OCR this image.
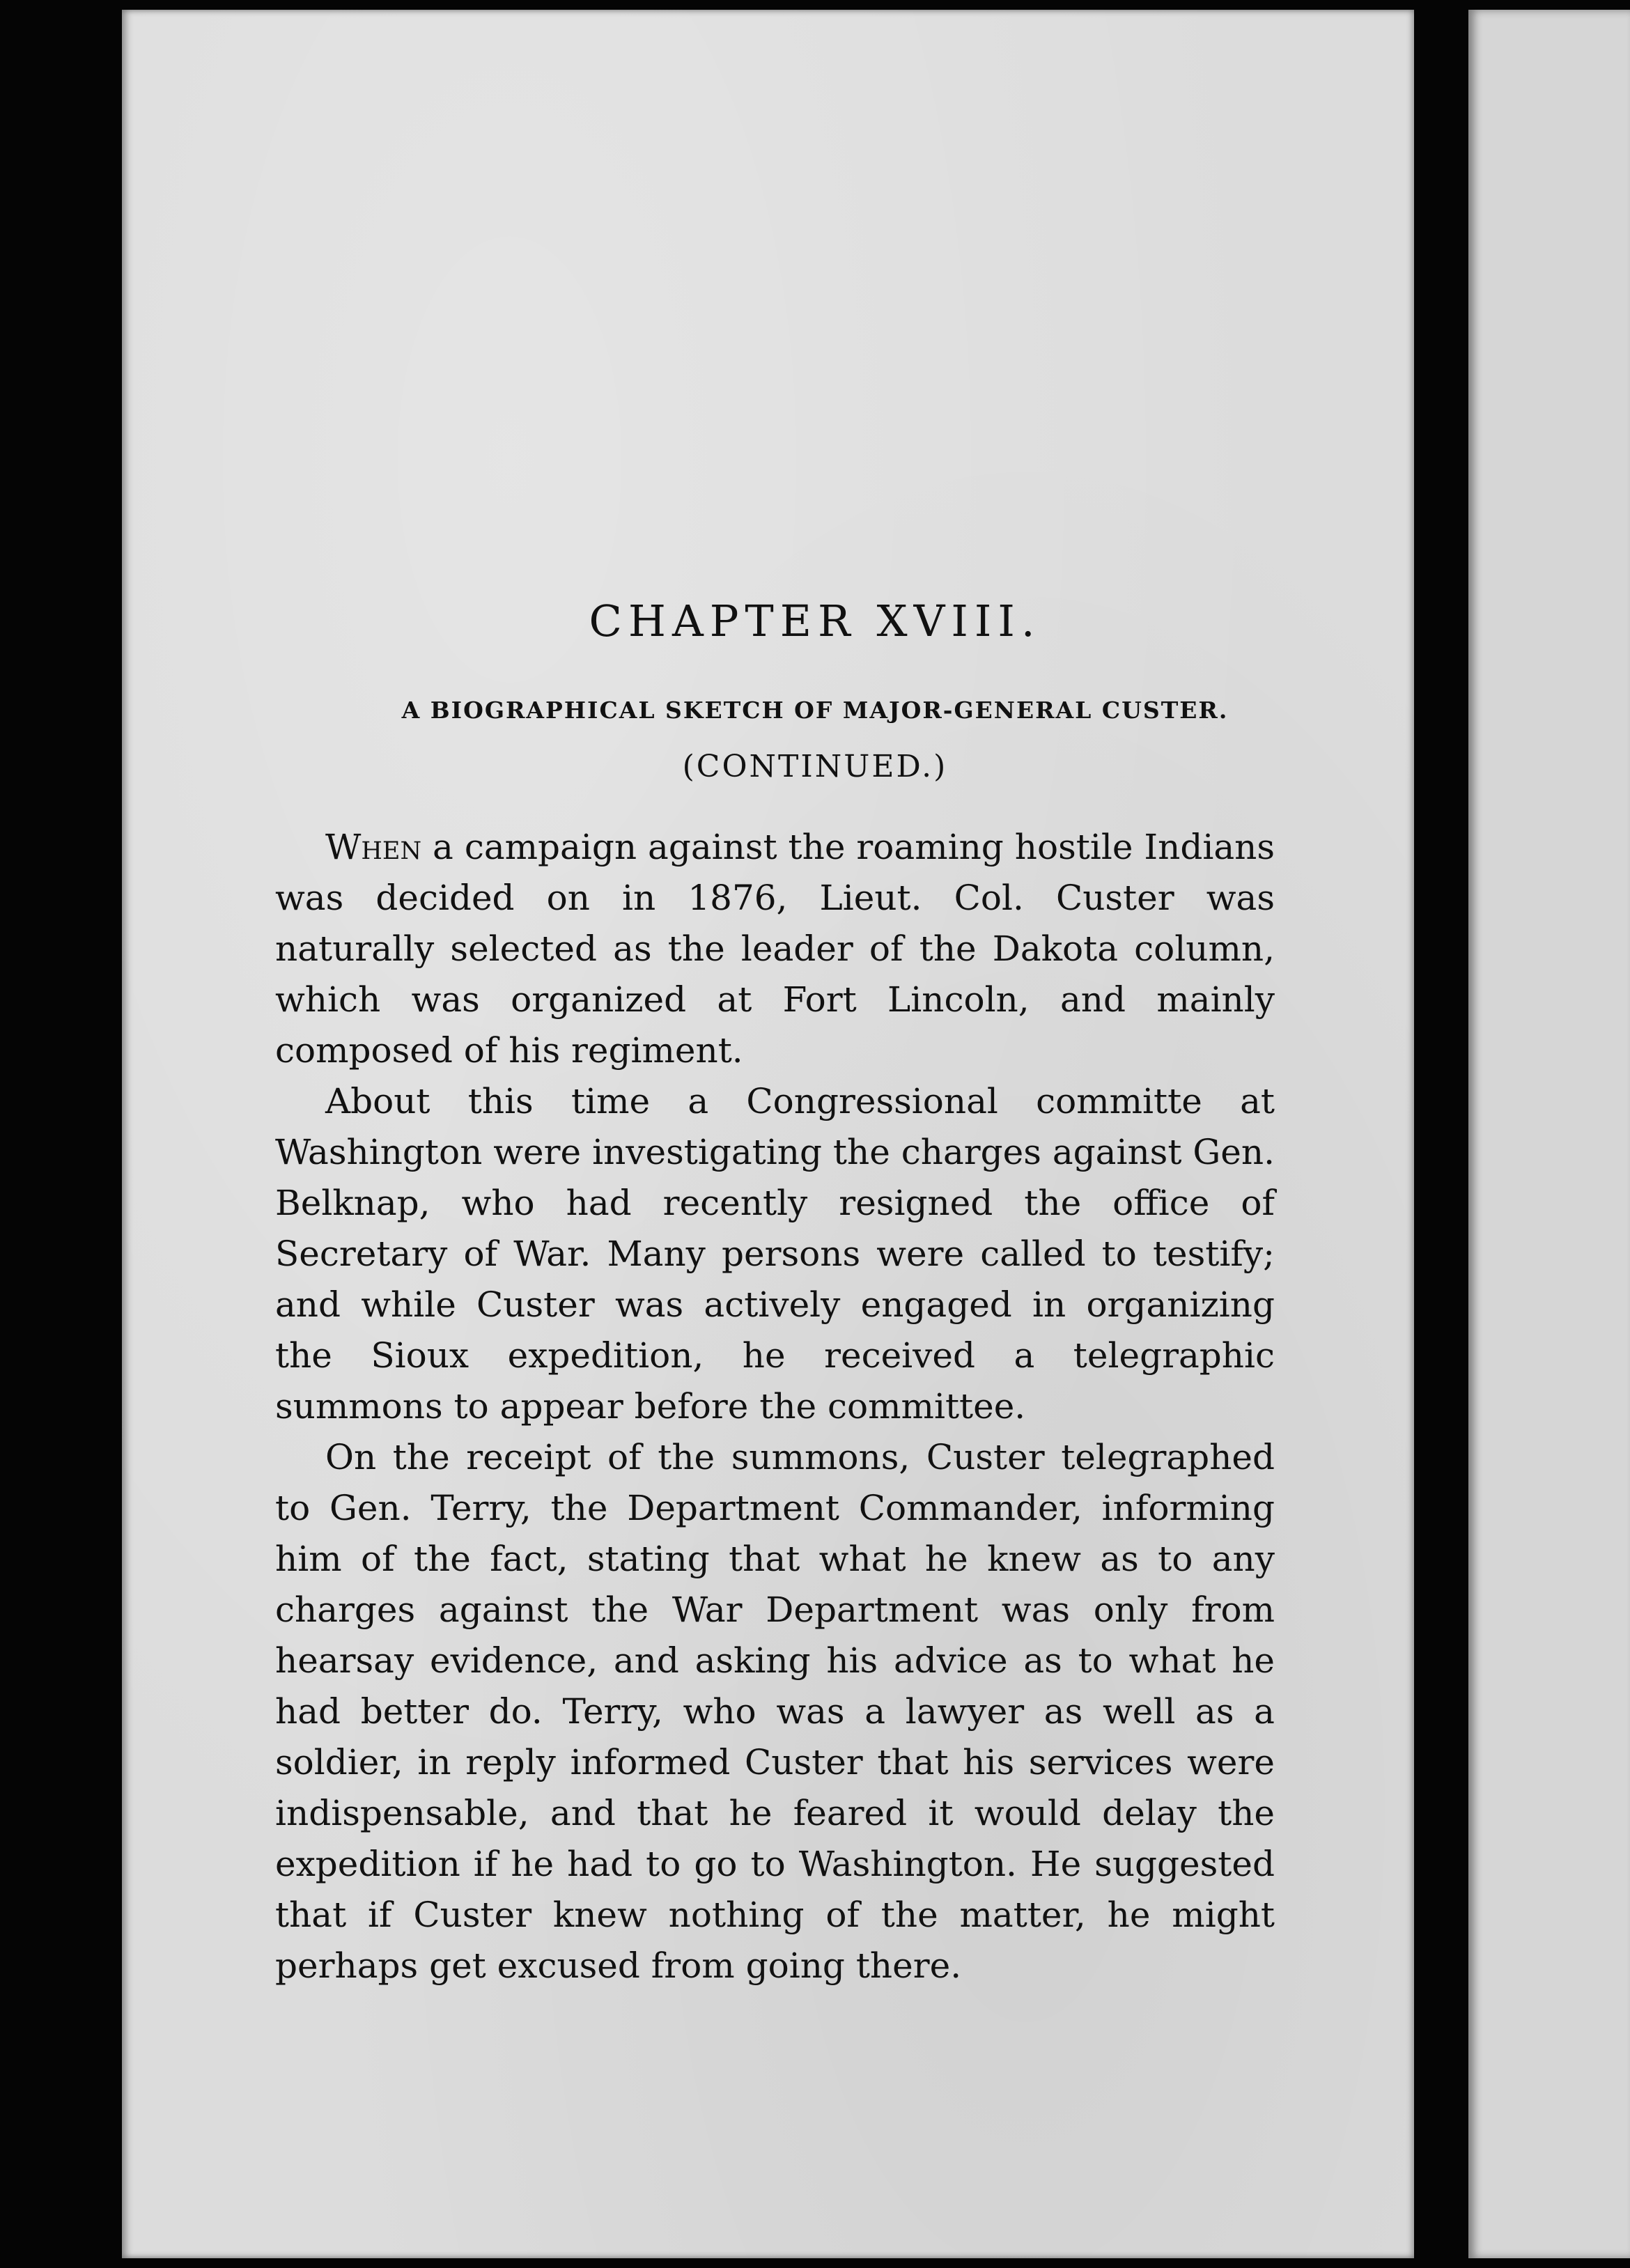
CHAPTER XVIII.
A BIOGRAPHICAL SKETCH OF MAJOR-GENERAL CUSTER.
(CONTINUED.)

When a campaign against the roaming hostile Indians was decided on in 1876, Lieut. Col. Custer was naturally selected as the leader of the Dakota column, which was organized at Fort Lincoln, and mainly composed of his regiment.

About this time a Congressional committe at Washington were investigating the charges against Gen. Belknap, who had recently resigned the office of Secretary of War. Many persons were called to testify; and while Custer was actively engaged in organizing the Sioux expedition, he received a telegraphic summons to appear before the committee.

On the receipt of the summons, Custer telegraphed to Gen. Terry, the Department Commander, informing him of the fact, stating that what he knew as to any charges against the War Department was only from hearsay evidence, and asking his advice as to what he had better do. Terry, who was a lawyer as well as a soldier, in reply informed Custer that his services were indispensable, and that he feared it would delay the expedition if he had to go to Washington. He suggested that if Custer knew nothing of the matter, he might perhaps get excused from going there.
